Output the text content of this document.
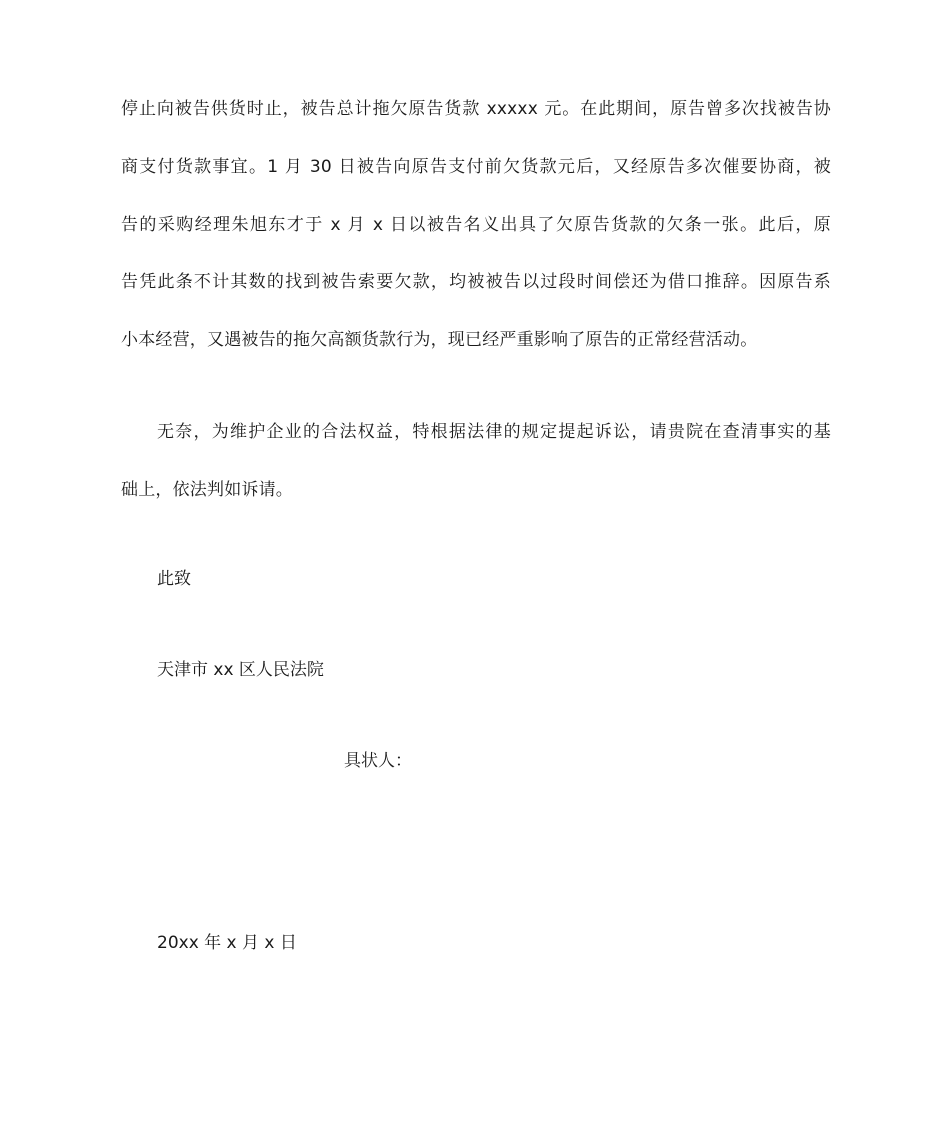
停止向被告供货时止，被告总计拖欠原告货款 xxxxx 元。在此期间，原告曾多次找被告协
商支付货款事宜。1 月 30 日被告向原告支付前欠货款元后，又经原告多次催要协商，被
告的采购经理朱旭东才于 x 月 x 日以被告名义出具了欠原告货款的欠条一张。此后，原
告凭此条不计其数的找到被告索要欠款，均被被告以过段时间偿还为借口推辞。因原告系
小本经营，又遇被告的拖欠高额货款行为，现已经严重影响了原告的正常经营活动。
无奈，为维护企业的合法权益，特根据法律的规定提起诉讼，请贵院在查清事实的基
础上，依法判如诉请。
此致
天津市 xx 区人民法院
具状人：
20xx 年 x 月 x 日
